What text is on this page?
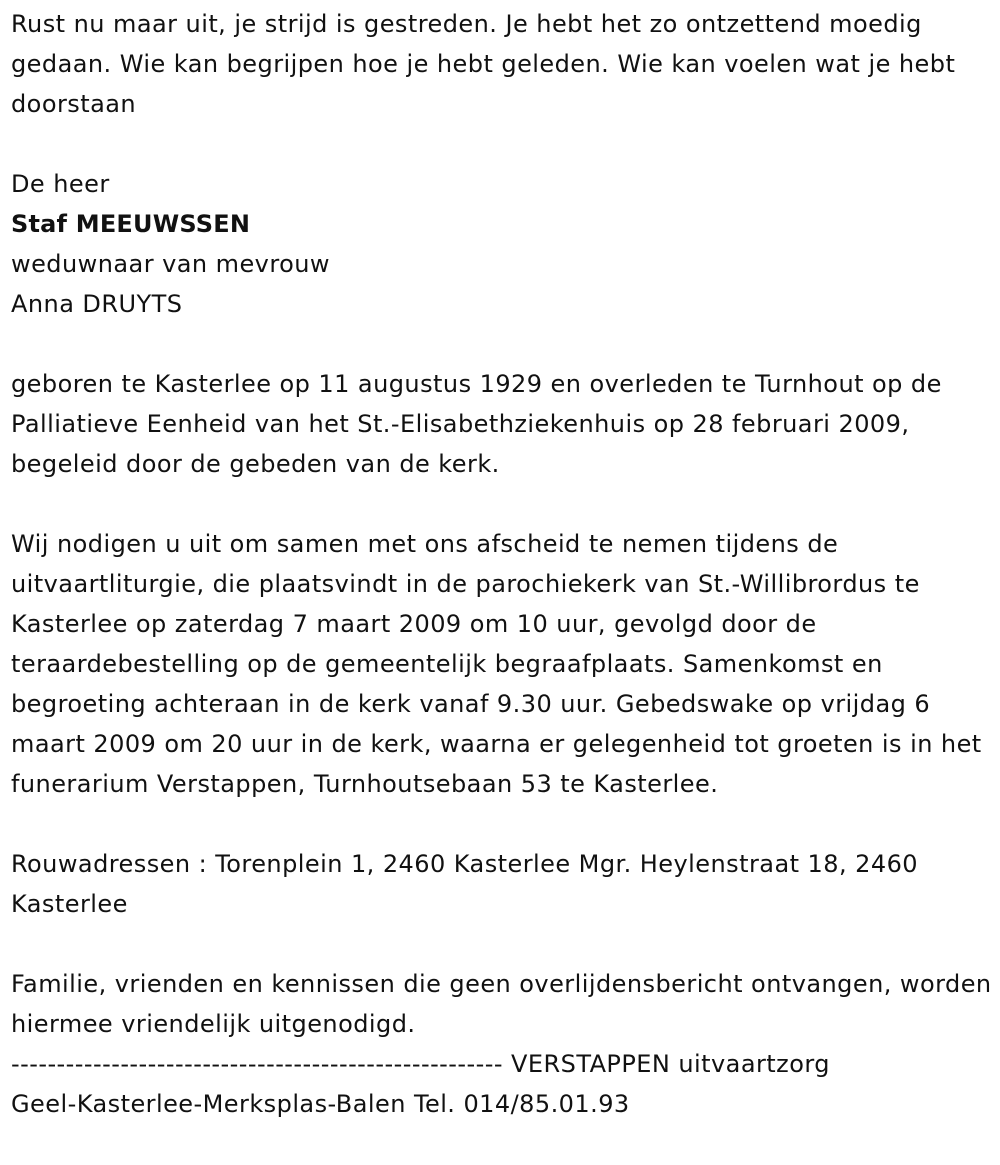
Rust nu maar uit, je strijd is gestreden. Je hebt het zo ontzettend moedig gedaan. Wie kan begrijpen hoe je hebt geleden. Wie kan voelen wat je hebt doorstaan

De heer

Staf MEEUWSSEN

weduwnaar van mevrouw

Anna DRUYTS

geboren te Kasterlee op 11 augustus 1929 en overleden te Turnhout op de Palliatieve Eenheid van het St.-Elisabethziekenhuis op 28 februari 2009, begeleid door de gebeden van de kerk.

Wij nodigen u uit om samen met ons afscheid te nemen tijdens de uitvaartliturgie, die plaatsvindt in de parochiekerk van St.-Willibrordus te Kasterlee op zaterdag 7 maart 2009 om 10 uur, gevolgd door de teraardebestelling op de gemeentelijk begraafplaats. Samenkomst en begroeting achteraan in de kerk vanaf 9.30 uur. Gebedswake op vrijdag 6 maart 2009 om 20 uur in de kerk, waarna er gelegenheid tot groeten is in het funerarium Verstappen, Turnhoutsebaan 53 te Kasterlee.

Rouwadressen : Torenplein 1, 2460 Kasterlee Mgr. Heylenstraat 18, 2460 Kasterlee

Familie, vrienden en kennissen die geen overlijdensbericht ontvangen, worden hiermee vriendelijk uitgenodigd.

------------------------------------------------------ VERSTAPPEN uitvaartzorg

Geel-Kasterlee-Merksplas-Balen Tel. 014/85.01.93
